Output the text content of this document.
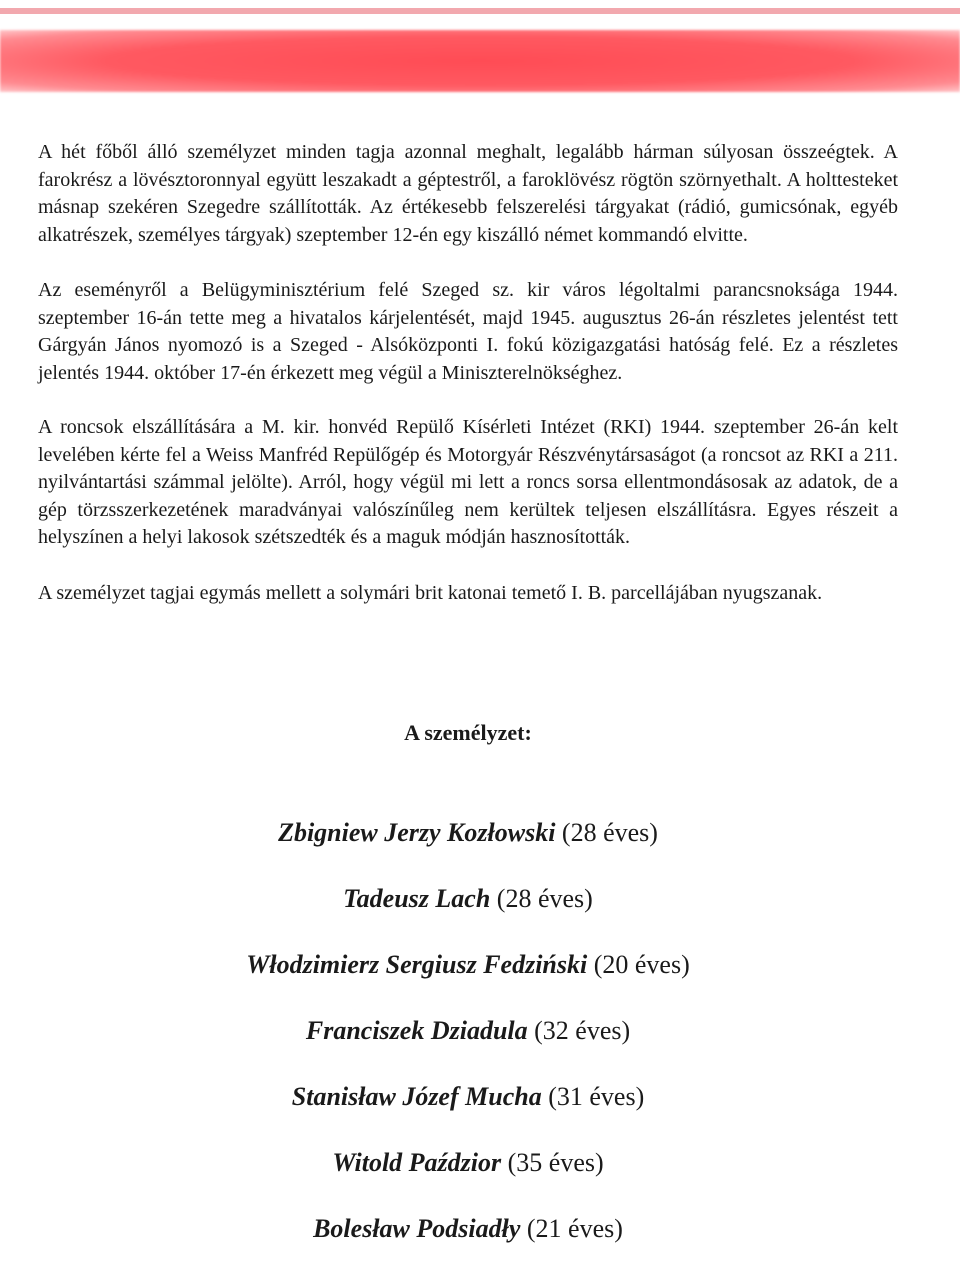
A hét főből álló személyzet minden tagja azonnal meghalt, legalább hárman súlyosan összeégtek. A farokrész a lövésztoronnyal együtt leszakadt a géptestről, a faroklövész rögtön szörnyethalt. A holttesteket másnap szekéren Szegedre szállították. Az értékesebb felszerelési tárgyakat (rádió, gumicsónak, egyéb alkatrészek, személyes tárgyak) szeptember 12-én egy kiszálló német kommandó elvitte.

Az eseményről a Belügyminisztérium felé Szeged sz. kir város légoltalmi parancsnoksága 1944. szeptember 16-án tette meg a hivatalos kárjelentését, majd 1945. augusztus 26-án részletes jelentést tett Gárgyán János nyomozó is a Szeged - Alsóközponti I. fokú közigazgatási hatóság felé. Ez a részletes jelentés 1944. október 17-én érkezett meg végül a Miniszterelnökséghez.

A roncsok elszállítására a M. kir. honvéd Repülő Kísérleti Intézet (RKI) 1944. szeptember 26-án kelt levelében kérte fel a Weiss Manfréd Repülőgép és Motorgyár Részvénytársaságot (a roncsot az RKI a 211. nyilvántartási számmal jelölte). Arról, hogy végül mi lett a roncs sorsa ellentmondásosak az adatok, de a gép törzsszerkezetének maradványai valószínűleg nem kerültek teljesen elszállításra. Egyes részeit a helyszínen a helyi lakosok szétszedték és a maguk módján hasznosították.

A személyzet tagjai egymás mellett a solymári brit katonai temető I. B. parcellájában nyugszanak.

A személyzet:
Zbigniew Jerzy Kozłowski (28 éves)
Tadeusz Lach (28 éves)
Włodzimierz Sergiusz Fedziński (20 éves)
Franciszek Dziadula (32 éves)
Stanisław Józef Mucha (31 éves)
Witold Paździor (35 éves)
Bolesław Podsiadły (21 éves)
